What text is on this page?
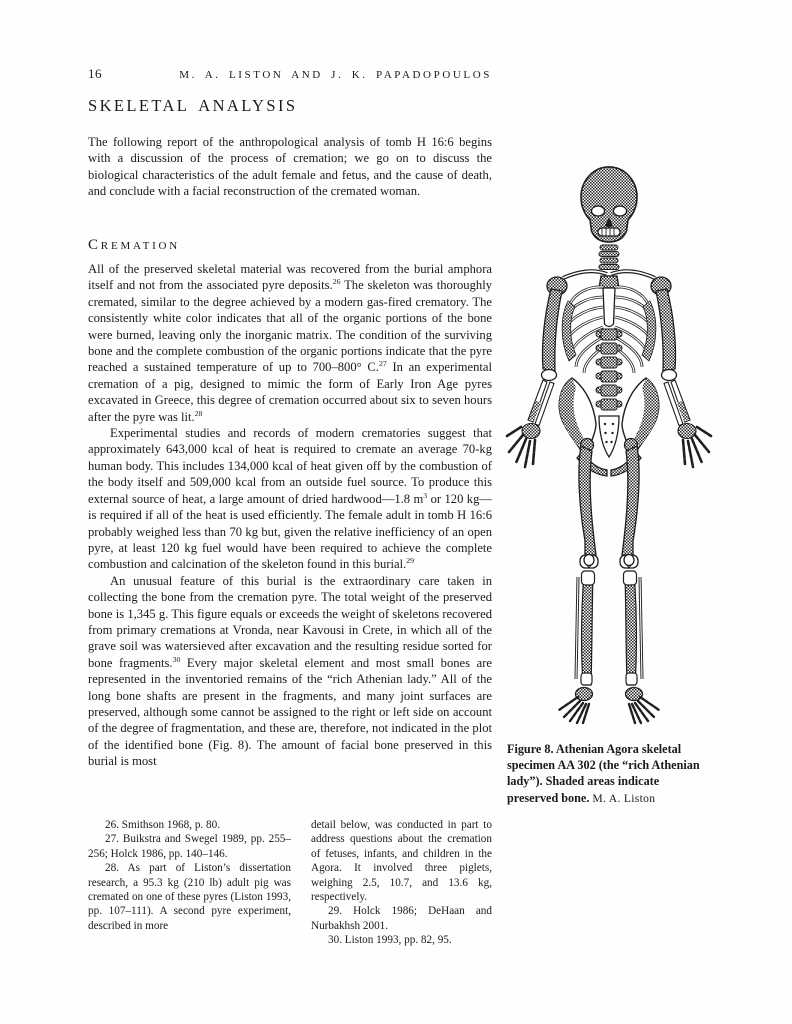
16	M. A. LISTON AND J. K. PAPADOPOULOS
SKELETAL ANALYSIS

The following report of the anthropological analysis of tomb H 16:6 begins with a discussion of the process of cremation; we go on to discuss the biological characteristics of the adult female and fetus, and the cause of death, and conclude with a facial reconstruction of the cremated woman.

Cremation

All of the preserved skeletal material was recovered from the burial amphora itself and not from the associated pyre deposits.$^{26}$ The skeleton was thoroughly cremated, similar to the degree achieved by a modern gas-fired crematory. The consistently white color indicates that all of the organic portions of the bone were burned, leaving only the inorganic matrix. The condition of the surviving bone and the complete combustion of the organic portions indicate that the pyre reached a sustained temperature of up to 700–800° C.$^{27}$ In an experimental cremation of a pig, designed to mimic the form of Early Iron Age pyres excavated in Greece, this degree of cremation occurred about six to seven hours after the pyre was lit.$^{28}$

Experimental studies and records of modern crematories suggest that approximately 643,000 kcal of heat is required to cremate an average 70-kg human body. This includes 134,000 kcal of heat given off by the combustion of the body itself and 509,000 kcal from an outside fuel source. To produce this external source of heat, a large amount of dried hardwood—1.8 $m^3$ or 120 kg—is required if all of the heat is used efficiently. The female adult in tomb H 16:6 probably weighed less than 70 kg but, given the relative inefficiency of an open pyre, at least 120 kg fuel would have been required to achieve the complete combustion and calcination of the skeleton found in this burial.$^{29}$

An unusual feature of this burial is the extraordinary care taken in collecting the bone from the cremation pyre. The total weight of the preserved bone is 1,345 g. This figure equals or exceeds the weight of skeletons recovered from primary cremations at Vronda, near Kavousi in Crete, in which all of the grave soil was watersieved after excavation and the resulting residue sorted for bone fragments.$^{30}$ Every major skeletal element and most small bones are represented in the inventoried remains of the “rich Athenian lady.” All of the long bone shafts are present in the fragments, and many joint surfaces are preserved, although some cannot be assigned to the right or left side on account of the degree of fragmentation, and these are, therefore, not indicated in the plot of the identified bone (Fig. 8). The amount of facial bone preserved in this burial is most

Figure 8. Athenian Agora skeletal specimen AA 302 (the “rich Athenian lady”). Shaded areas indicate preserved bone. M. A. Liston

26. Smithson 1968, p. 80.

27. Buikstra and Swegel 1989, pp. 255–256; Holck 1986, pp. 140–146.

28. As part of Liston’s dissertation research, a 95.3 kg (210 lb) adult pig was cremated on one of these pyres (Liston 1993, pp. 107–111). A second pyre experiment, described in more

detail below, was conducted in part to address questions about the cremation of fetuses, infants, and children in the Agora. It involved three piglets, weighing 2.5, 10.7, and 13.6 kg, respectively.

29. Holck 1986; DeHaan and Nurbakhsh 2001.

30. Liston 1993, pp. 82, 95.
